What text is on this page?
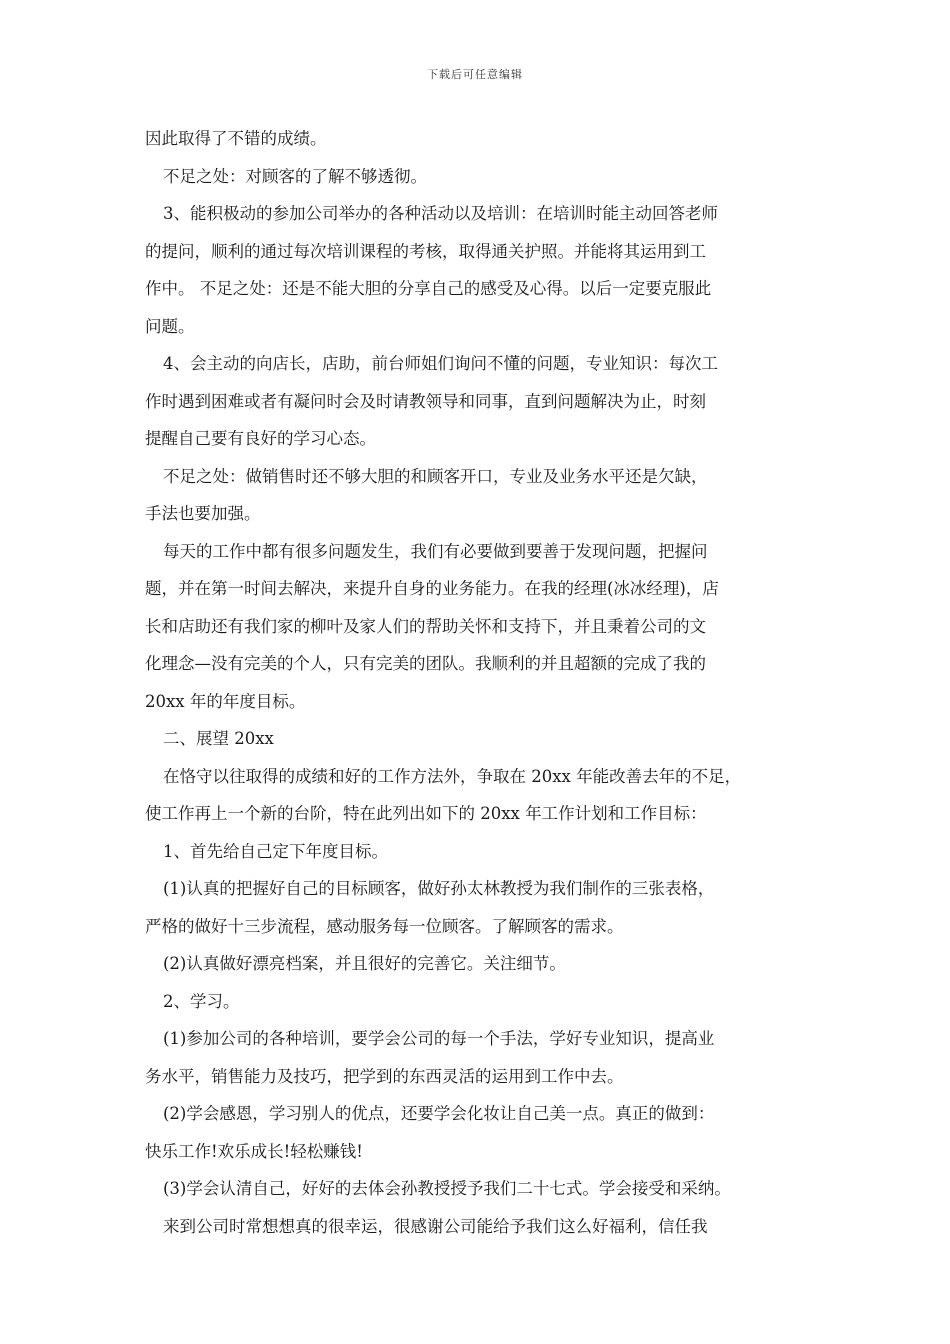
下载后可任意编辑

因此取得了不错的成绩。

不足之处：对顾客的了解不够透彻。

3、能积极动的参加公司举办的各种活动以及培训：在培训时能主动回答老师

的提问，顺利的通过每次培训课程的考核，取得通关护照。并能将其运用到工

作中。 不足之处：还是不能大胆的分享自己的感受及心得。以后一定要克服此

问题。

4、会主动的向店长，店助，前台师姐们询问不懂的问题，专业知识：每次工

作时遇到困难或者有凝问时会及时请教领导和同事，直到问题解决为止，时刻

提醒自己要有良好的学习心态。

不足之处：做销售时还不够大胆的和顾客开口，专业及业务水平还是欠缺，

手法也要加强。

每天的工作中都有很多问题发生，我们有必要做到要善于发现问题，把握问

题，并在第一时间去解决，来提升自身的业务能力。在我的经理(冰冰经理)，店

长和店助还有我们家的柳叶及家人们的帮助关怀和支持下，并且秉着公司的文

化理念—没有完美的个人，只有完美的团队。我顺利的并且超额的完成了我的

20xx 年的年度目标。

二、展望 20xx

在恪守以往取得的成绩和好的工作方法外，争取在 20xx 年能改善去年的不足，

使工作再上一个新的台阶，特在此列出如下的 20xx 年工作计划和工作目标：

1、首先给自己定下年度目标。

(1)认真的把握好自己的目标顾客，做好孙太林教授为我们制作的三张表格，

严格的做好十三步流程，感动服务每一位顾客。了解顾客的需求。

(2)认真做好漂亮档案，并且很好的完善它。关注细节。

2、学习。

(1)参加公司的各种培训，要学会公司的每一个手法，学好专业知识，提高业

务水平，销售能力及技巧，把学到的东西灵活的运用到工作中去。

(2)学会感恩，学习别人的优点，还要学会化妆让自己美一点。真正的做到：

快乐工作!欢乐成长!轻松赚钱!

(3)学会认清自己，好好的去体会孙教授授予我们二十七式。学会接受和采纳。

来到公司时常想想真的很幸运，很感谢公司能给予我们这么好福利，信任我
